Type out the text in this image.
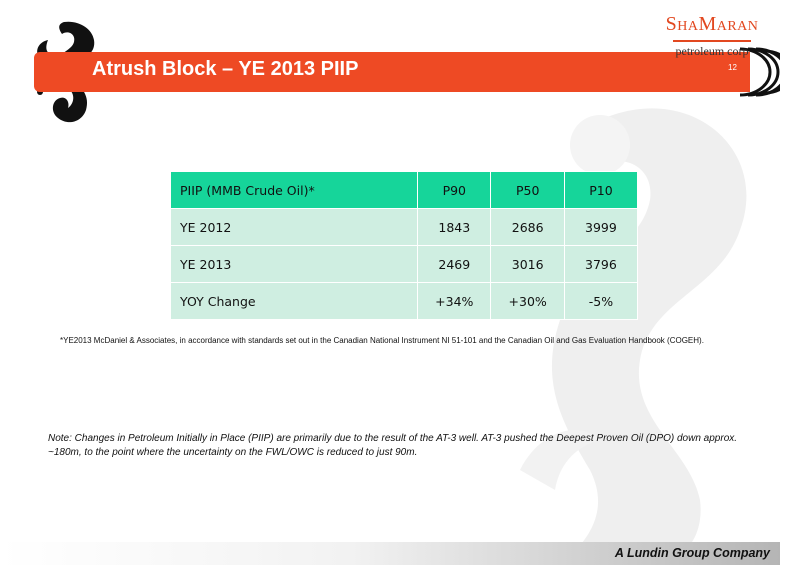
Atrush Block – YE 2013 PIIP	12
SHAMARAN
petroleum corp
PIIP (MMB Crude Oil)*	P90	P50	P10
YE 2012	1843	2686	3999
YE 2013	2469	3016	3796
YOY Change	+34%	+30%	-5%
*YE2013 McDaniel & Associates, in accordance with standards set out in the Canadian National Instrument NI 51-101 and the Canadian Oil and Gas Evaluation Handbook (COGEH).
Note: Changes in Petroleum Initially in Place (PIIP) are primarily due to the result of the AT-3 well. AT-3 pushed the Deepest Proven Oil (DPO) down approx. ~180m, to the point where the uncertainty on the FWL/OWC is reduced to just 90m.
A Lundin Group Company
